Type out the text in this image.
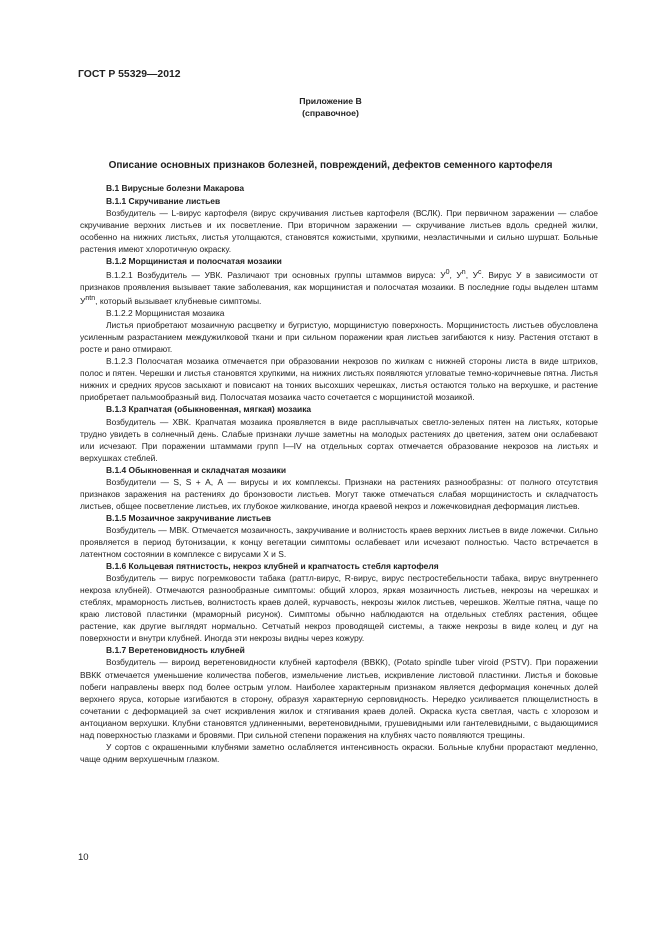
ГОСТ Р 55329—2012
Приложение В
(справочное)
Описание основных признаков болезней, повреждений, дефектов семенного картофеля
В.1 Вирусные болезни Макарова
В.1.1 Скручивание листьев

Возбудитель — L-вирус картофеля (вирус скручивания листьев картофеля (ВСЛК). При первичном заражении — слабое скручивание верхних листьев и их посветление. При вторичном заражении — скручивание листьев вдоль средней жилки, особенно на нижних листьях, листья утолщаются, становятся кожистыми, хрупкими, неэластичными и сильно шуршат. Больные растения имеют хлоротичную окраску.

В.1.2 Морщинистая и полосчатая мозаики

В.1.2.1 Возбудитель — УВК. Различают три основных группы штаммов вируса: $У^0$, $У^n$, $У^c$. Вирус У в зависимости от признаков проявления вызывает такие заболевания, как морщинистая и полосчатая мозаики. В последние годы выделен штамм $У^{ntn}$, который вызывает клубневые симптомы.

В.1.2.2 Морщинистая мозаика

Листья приобретают мозаичную расцветку и бугристую, морщинистую поверхность. Морщинистость листьев обусловлена усиленным разрастанием междужилковой ткани и при сильном поражении края листьев загибаются к низу. Растения отстают в росте и рано отмирают.

В.1.2.3 Полосчатая мозаика отмечается при образовании некрозов по жилкам с нижней стороны листа в виде штрихов, полос и пятен. Черешки и листья становятся хрупкими, на нижних листьях появляются угловатые темно-коричневые пятна. Листья нижних и средних ярусов засыхают и повисают на тонких высохших черешках, листья остаются только на верхушке, и растение приобретает пальмообразный вид. Полосчатая мозаика часто сочетается с морщинистой мозаикой.

В.1.3 Крапчатая (обыкновенная, мягкая) мозаика

Возбудитель — ХВК. Крапчатая мозаика проявляется в виде расплывчатых светло-зеленых пятен на листьях, которые трудно увидеть в солнечный день. Слабые признаки лучше заметны на молодых растениях до цветения, затем они ослабевают или исчезают. При поражении штаммами групп I—IV на отдельных сортах отмечается образование некрозов на листьях и верхушках стеблей.

В.1.4 Обыкновенная и складчатая мозаики

Возбудители — S, S + А, А — вирусы и их комплексы. Признаки на растениях разнообразны: от полного отсутствия признаков заражения на растениях до бронзовости листьев. Могут также отмечаться слабая морщинистость и складчатость листьев, общее посветление листьев, их глубокое жилкование, иногда краевой некроз и ложечковидная деформация листьев.

В.1.5 Мозаичное закручивание листьев

Возбудитель — МВК. Отмечается мозаичность, закручивание и волнистость краев верхних листьев в виде ложечки. Сильно проявляется в период бутонизации, к концу вегетации симптомы ослабевает или исчезают полностью. Часто встречается в латентном состоянии в комплексе с вирусами Х и S.

В.1.6 Кольцевая пятнистость, некроз клубней и крапчатость стебля картофеля

Возбудитель — вирус погремковости табака (раттл-вирус, R-вирус, вирус пестростебельности табака, вирус внутреннего некроза клубней). Отмечаются разнообразные симптомы: общий хлороз, яркая мозаичность листьев, некрозы на черешках и стеблях, мраморность листьев, волнистость краев долей, курчавость, некрозы жилок листьев, черешков. Желтые пятна, чаще по краю листовой пластинки (мраморный рисунок). Симптомы обычно наблюдаются на отдельных стеблях растения, общее растение, как другие выглядят нормально. Сетчатый некроз проводящей системы, а также некрозы в виде колец и дуг на поверхности и внутри клубней. Иногда эти некрозы видны через кожуру.

В.1.7 Веретеновидность клубней

Возбудитель — вироид веретеновидности клубней картофеля (ВВКК), (Potato spindle tuber viroid (PSTV). При поражении ВВКК отмечается уменьшение количества побегов, измельчение листьев, искривление листовой пластинки. Листья и боковые побеги направлены вверх под более острым углом. Наиболее характерным признаком является деформация конечных долей верхнего яруса, которые изгибаются в сторону, образуя характерную серповидность. Нередко усиливается плющелистность в сочетании с деформацией за счет искривления жилок и стягивания краев долей. Окраска куста светлая, часть с хлорозом и антоцианом верхушки. Клубни становятся удлиненными, веретеновидными, грушевидными или гантелевидными, с выдающимися над поверхностью глазками и бровями. При сильной степени поражения на клубнях часто появляются трещины.

У сортов с окрашенными клубнями заметно ослабляется интенсивность окраски. Больные клубни прорастают медленно, чаще одним верхушечным глазком.

10
